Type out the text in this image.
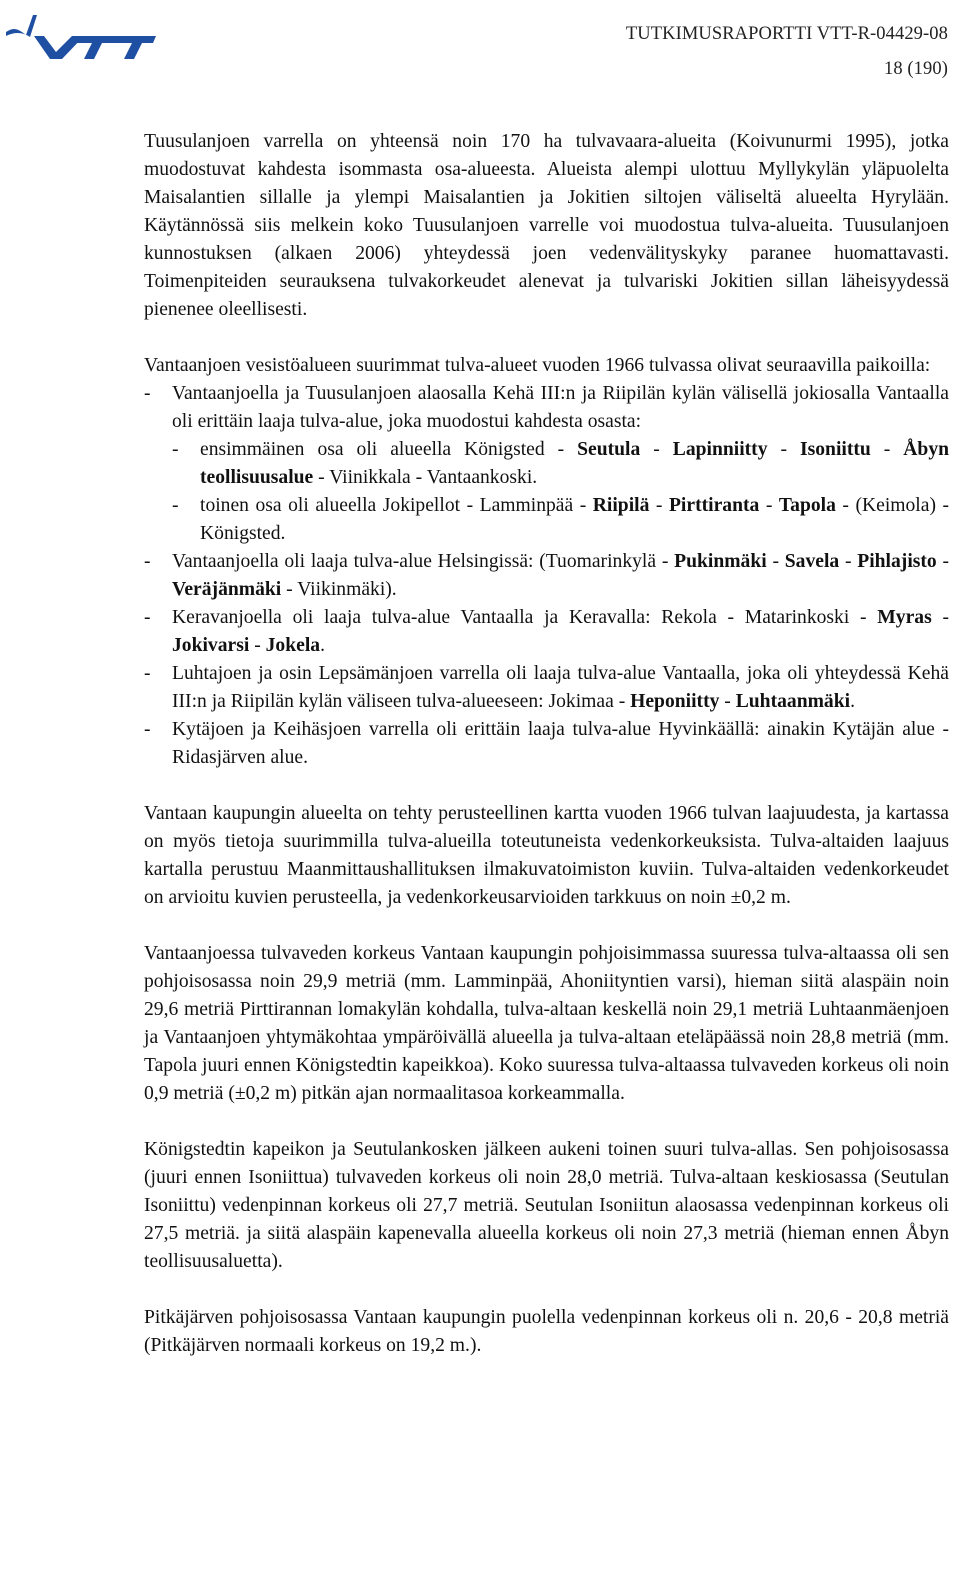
TUTKIMUSRAPORTTI VTT-R-04429-08
18 (190)

Tuusulanjoen varrella on yhteensä noin 170 ha tulvavaara-alueita (Koivunurmi 1995), jotka muodostuvat kahdesta isommasta osa-alueesta. Alueista alempi ulottuu Myllykylän yläpuolelta Maisalantien sillalle ja ylempi Maisalantien ja Jokitien siltojen väliseltä alueelta Hyrylään. Käytännössä siis melkein koko Tuusulanjoen varrelle voi muodostua tulva-alueita. Tuusulanjoen kunnostuksen (alkaen 2006) yhteydessä joen vedenvälityskyky paranee huomattavasti. Toimenpiteiden seurauksena tulvakorkeudet alenevat ja tulvariski Jokitien sillan läheisyydessä pienenee oleellisesti.

Vantaanjoen vesistöalueen suurimmat tulva-alueet vuoden 1966 tulvassa olivat seuraavilla paikoilla:

- Vantaanjoella ja Tuusulanjoen alaosalla Kehä III:n ja Riipilän kylän välisellä jokiosalla Vantaalla oli erittäin laaja tulva-alue, joka muodostui kahdesta osasta:
- ensimmäinen osa oli alueella Königsted - Seutula - Lapinniitty - Isoniittu - Åbyn teollisuusalue - Viinikkala - Vantaankoski.
- toinen osa oli alueella Jokipellot - Lamminpää - Riipilä - Pirttiranta - Tapola - (Keimola) - Königsted.
- Vantaanjoella oli laaja tulva-alue Helsingissä: (Tuomarinkylä - Pukinmäki - Savela - Pihlajisto - Veräjänmäki - Viikinmäki).
- Keravanjoella oli laaja tulva-alue Vantaalla ja Keravalla: Rekola - Matarinkoski - Myras - Jokivarsi - Jokela.
- Luhtajoen ja osin Lepsämänjoen varrella oli laaja tulva-alue Vantaalla, joka oli yhteydessä Kehä III:n ja Riipilän kylän väliseen tulva-alueeseen: Jokimaa - Heponiitty - Luhtaanmäki.
- Kytäjoen ja Keihäsjoen varrella oli erittäin laaja tulva-alue Hyvinkäällä: ainakin Kytäjän alue - Ridasjärven alue.

Vantaan kaupungin alueelta on tehty perusteellinen kartta vuoden 1966 tulvan laajuudesta, ja kartassa on myös tietoja suurimmilla tulva-alueilla toteutuneista vedenkorkeuksista. Tulva-altaiden laajuus kartalla perustuu Maanmittaushallituksen ilmakuvatoimiston kuviin. Tulva-altaiden vedenkorkeudet on arvioitu kuvien perusteella, ja vedenkorkeusarvioiden tarkkuus on noin ±0,2 m.

Vantaanjoessa tulvaveden korkeus Vantaan kaupungin pohjoisimmassa suuressa tulva-altaassa oli sen pohjoisosassa noin 29,9 metriä (mm. Lamminpää, Ahoniityntien varsi), hieman siitä alaspäin noin 29,6 metriä Pirttirannan lomakylän kohdalla, tulva-altaan keskellä noin 29,1 metriä Luhtaanmäenjoen ja Vantaanjoen yhtymäkohtaa ympäröivällä alueella ja tulva-altaan eteläpäässä noin 28,8 metriä (mm. Tapola juuri ennen Königstedtin kapeikkoa). Koko suuressa tulva-altaassa tulvaveden korkeus oli noin 0,9 metriä (±0,2 m) pitkän ajan normaalitasoa korkeammalla.

Königstedtin kapeikon ja Seutulankosken jälkeen aukeni toinen suuri tulva-allas. Sen pohjoisosassa (juuri ennen Isoniittua) tulvaveden korkeus oli noin 28,0 metriä. Tulva-altaan keskiosassa (Seutulan Isoniittu) vedenpinnan korkeus oli 27,7 metriä. Seutulan Isoniitun alaosassa vedenpinnan korkeus oli 27,5 metriä. ja siitä alaspäin kapenevalla alueella korkeus oli noin 27,3 metriä (hieman ennen Åbyn teollisuusaluetta).

Pitkäjärven pohjoisosassa Vantaan kaupungin puolella vedenpinnan korkeus oli n. 20,6 - 20,8 metriä (Pitkäjärven normaali korkeus on 19,2 m.).
